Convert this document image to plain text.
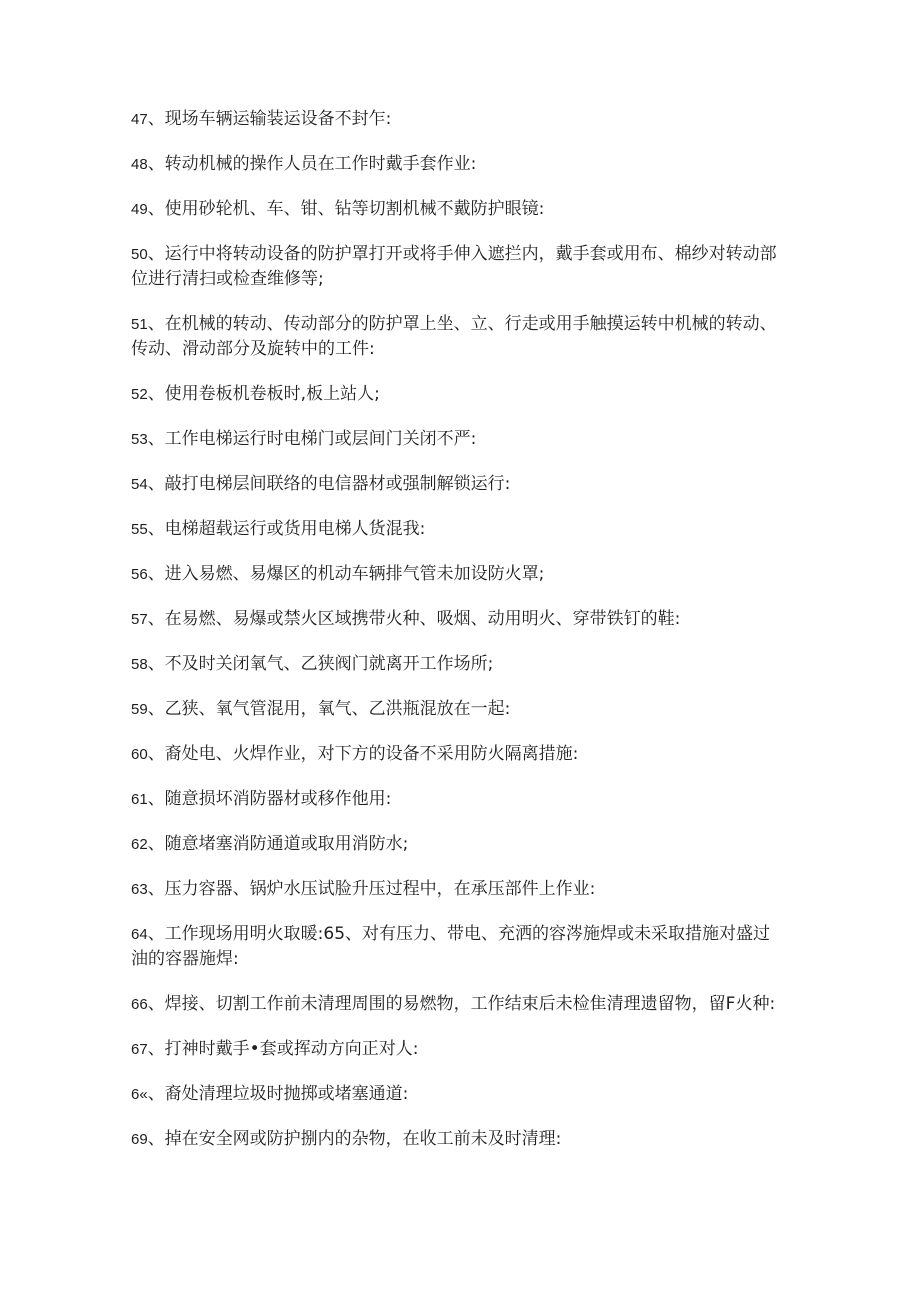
47、现场车辆运输装运设备不封乍:

48、转动机械的操作人员在工作时戴手套作业:

49、使用砂轮机、车、钳、钻等切割机械不戴防护眼镜:

50、运行中将转动设备的防护罩打开或将手伸入遮拦内，戴手套或用布、棉纱对转动部位进行清扫或检查维修等;

51、在机械的转动、传动部分的防护罩上坐、立、行走或用手触摸运转中机械的转动、传动、滑动部分及旋转中的工件:

52、使用卷板机卷板时,板上站人;

53、工作电梯运行时电梯门或层间门关闭不严:

54、敲打电梯层间联络的电信器材或强制解锁运行:

55、电梯超载运行或货用电梯人货混我:

56、进入易燃、易爆区的机动车辆排气管未加设防火罩;

57、在易燃、易爆或禁火区域携带火种、吸烟、动用明火、穿带铁钉的鞋:

58、不及时关闭氧气、乙狭阀门就离开工作场所;

59、乙狭、氧气管混用，氧气、乙洪瓶混放在一起:

60、裔处电、火焊作业，对下方的设备不采用防火隔离措施:

61、随意损坏消防器材或移作他用:

62、随意堵塞消防通道或取用消防水;

63、压力容器、锅炉水压试脸升压过程中，在承压部件上作业:

64、工作现场用明火取暖:65、对有压力、带电、充洒的容涔施焊或未采取措施对盛过油的容器施焊:

66、焊接、切割工作前未清理周围的易燃物，工作结束后未检隹清理遗留物，留F火种:

67、打神时戴手•套或挥动方向正对人:

6«、裔处清理垃圾时抛掷或堵塞通道:

69、掉在安全网或防护捌内的杂物，在收工前未及时清理:
